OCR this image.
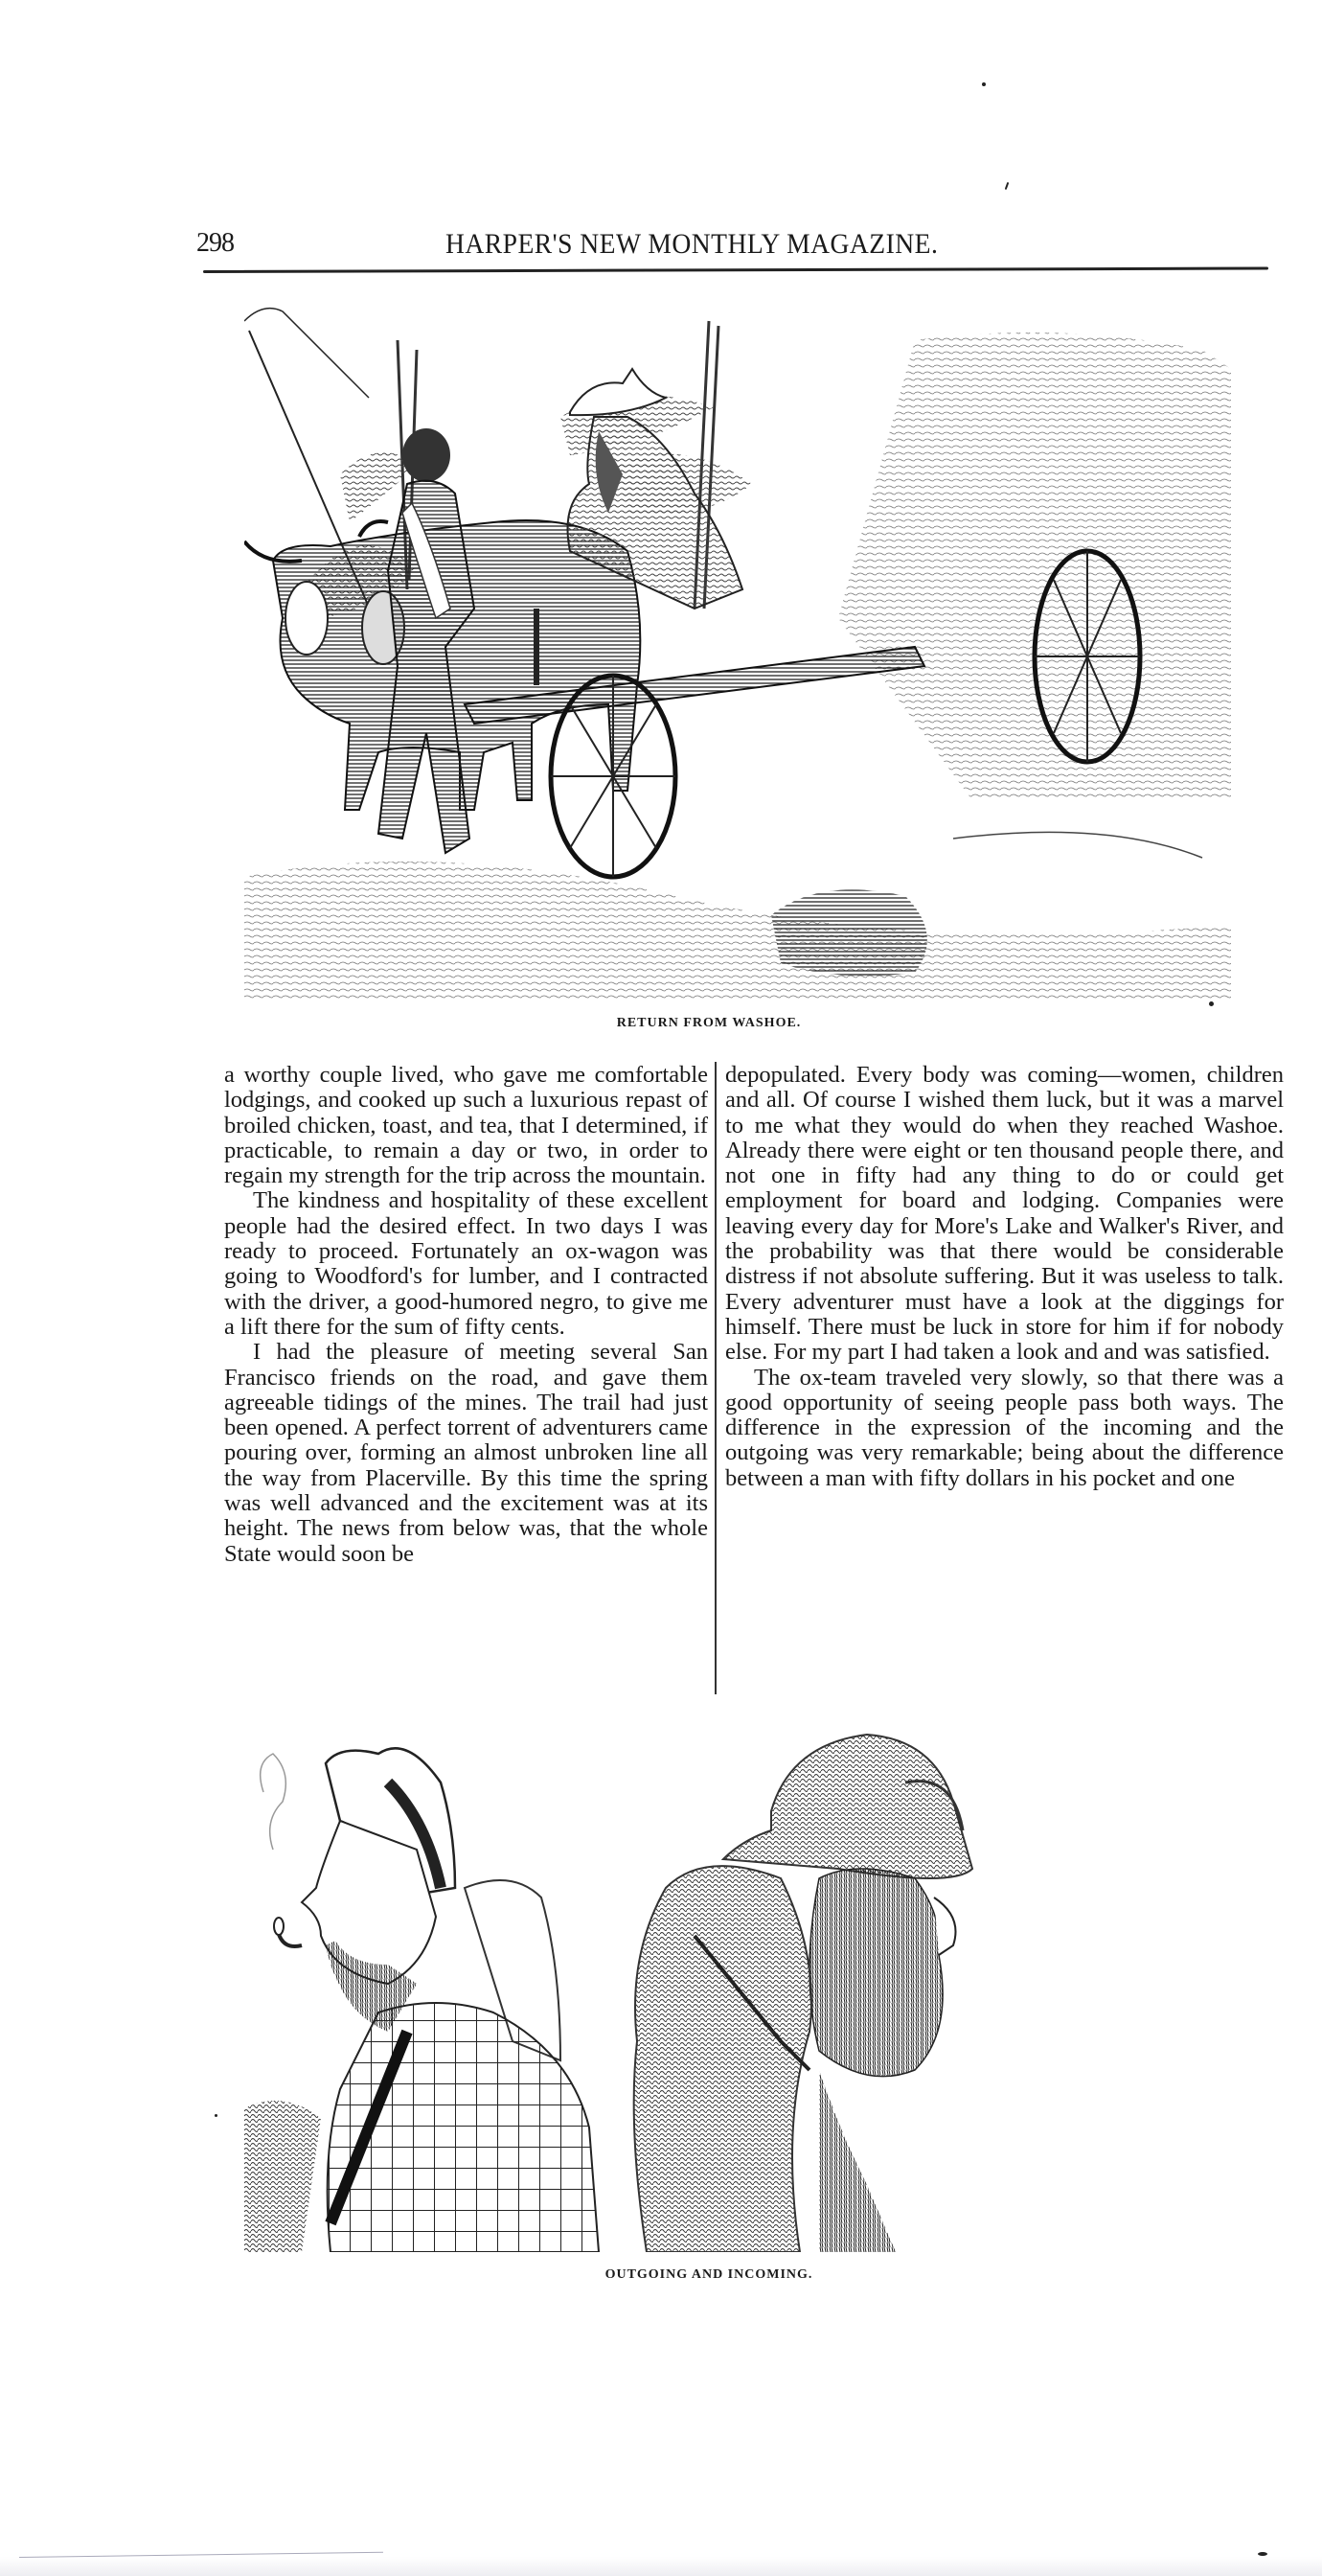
298	HARPER'S NEW MONTHLY MAGAZINE.
RETURN FROM WASHOE.

a worthy couple lived, who gave me comfortable lodgings, and cooked up such a luxurious repast of broiled chicken, toast, and tea, that I determined, if practicable, to remain a day or two, in order to regain my strength for the trip across the mountain.

The kindness and hospitality of these excellent people had the desired effect. In two days I was ready to proceed. Fortunately an ox-wagon was going to Woodford's for lumber, and I contracted with the driver, a good-humored negro, to give me a lift there for the sum of fifty cents.

I had the pleasure of meeting several San Francisco friends on the road, and gave them agreeable tidings of the mines. The trail had just been opened. A perfect torrent of adventurers came pouring over, forming an almost unbroken line all the way from Placerville. By this time the spring was well advanced and the excitement was at its height. The news from below was, that the whole State would soon be

depopulated. Every body was coming—women, children and all. Of course I wished them luck, but it was a marvel to me what they would do when they reached Washoe. Already there were eight or ten thousand people there, and not one in fifty had any thing to do or could get employment for board and lodging. Companies were leaving every day for More's Lake and Walker's River, and the probability was that there would be considerable distress if not absolute suffering. But it was useless to talk. Every adventurer must have a look at the diggings for himself. There must be luck in store for him if for nobody else. For my part I had taken a look and and was satisfied.

The ox-team traveled very slowly, so that there was a good opportunity of seeing people pass both ways. The difference in the expression of the incoming and the outgoing was very remarkable; being about the difference between a man with fifty dollars in his pocket and one

OUTGOING AND INCOMING.
